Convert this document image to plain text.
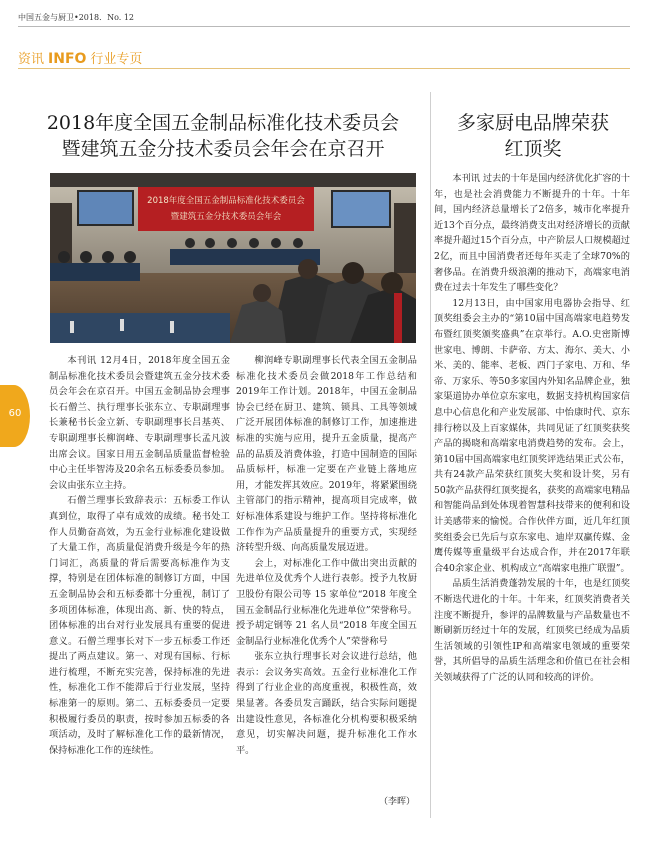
中国五金与厨卫•2018．No. 12
资讯 INFO 行业专页
2018年度全国五金制品标准化技术委员会
暨建筑五金分技术委员会年会在京召开
多家厨电品牌荣获
红顶奖
2018年度全国五金制品标准化技术委员会
暨建筑五金分技术委员会年会

本刊讯 12月4日，2018年度全国五金制品标准化技术委员会暨建筑五金分技术委员会年会在京召开。中国五金制品协会理事长石僧兰、执行理事长张东立、专职副理事长兼秘书长金立新、专职副理事长吕基英、专职副理事长柳润峰、专职副理事长孟凡波出席会议。国家日用五金制品质量监督检验中心主任毕智涛及20余名五标委委员参加。会议由张东立主持。

石僧兰理事长致辞表示：五标委工作认真到位，取得了卓有成效的成绩。秘书处工作人员勤奋高效，为五金行业标准化建设做了大量工作，高质量促消费升级是今年的热门词汇，高质量的背后需要高标准作为支撑，特别是在团体标准的制修订方面，中国五金制品协会和五标委都十分重视，制订了多项团体标准，体现出高、新、快的特点，团体标准的出台对行业发展具有重要的促进意义。石僧兰理事长对下一步五标委工作还提出了两点建议。第一、对现有国标、行标进行梳理，不断充实完善，保持标准的先进性，标准化工作不能滞后于行业发展，坚持标准第一的原则。第二、五标委委员一定要积极履行委员的职责，按时参加五标委的各项活动，及时了解标准化工作的最新情况，保持标准化工作的连续性。

柳润峰专职副理事长代表全国五金制品标准化技术委员会做2018年工作总结和2019年工作计划。2018年，中国五金制品协会已经在厨卫、建筑、锁具、工具等领域广泛开展团体标准的制修订工作，加速推进标准的实施与应用，提升五金质量，提高产品的品质及消费体验，打造中国制造的国际品质标杆，标准一定要在产业链上落地应用，才能发挥其效应。2019年，将紧紧围绕主管部门的指示精神，提高项目完成率，做好标准体系建设与维护工作。坚持将标准化工作作为产品质量提升的重要方式，实现经济转型升级、向高质量发展迈进。

会上，对标准化工作中做出突出贡献的先进单位及优秀个人进行表彰。授予九牧厨卫股份有限公司等 15 家单位“2018 年度全国五金制品行业标准化先进单位”荣誉称号。授予胡定钢等 21 名人员“2018 年度全国五金制品行业标准化优秀个人”荣誉称号

张东立执行理事长对会议进行总结，他表示：会议务实高效。五金行业标准化工作得到了行业企业的高度重视，积极性高，效果显著。各委员发言踊跃，结合实际问题提出建设性意见，各标准化分机构要积极采纳意见，切实解决问题，提升标准化工作水平。

（李晖）

本刊讯 过去的十年是国内经济优化扩容的十年，也是社会消费能力不断提升的十年。十年间，国内经济总量增长了2倍多，城市化率提升近13个百分点，最终消费支出对经济增长的贡献率提升超过15个百分点，中产阶层人口规模超过2亿，而且中国消费者还每年买走了全球70%的奢侈品。在消费升级浪潮的推动下，高端家电消费在过去十年发生了哪些变化？

12月13日，由中国家用电器协会指导、红顶奖组委会主办的“第10届中国高端家电趋势发布暨红顶奖颁奖盛典”在京举行。A.O.史密斯博世家电、博朗、卡萨帝、方太、海尔、美大、小米、美的、能率、老板、西门子家电、万和、华帝、万家乐、等50多家国内外知名品牌企业，独家渠道协办单位京东家电，数据支持机构国家信息中心信息化和产业发展部、中怡康时代、京东排行榜以及上百家媒体，共同见证了红顶奖获奖产品的揭晓和高端家电消费趋势的发布。会上，第10届中国高端家电红顶奖评选结果正式公布，共有24款产品荣获红顶奖大奖和设计奖，另有50款产品获得红顶奖提名，获奖的高端家电精品和智能尚品到处体现着智慧科技带来的便利和设计美感带来的愉悦。合作伙伴方面，近几年红顶奖组委会已先后与京东家电、迪岸双赢传媒、金鹰传媒等重量级平台达成合作，并在2017年联合40余家企业、机构成立“高端家电推广联盟”。

品质生活消费蓬勃发展的十年，也是红顶奖不断迭代进化的十年。十年来，红顶奖消费者关注度不断提升，参评的品牌数量与产品数量也不断刷新历经过十年的发展，红顶奖已经成为品质生活领域的引领性IP和高端家电领域的重要荣誉，其所倡导的品质生活理念和价值已在社会相关领域获得了广泛的认同和较高的评价。

60
